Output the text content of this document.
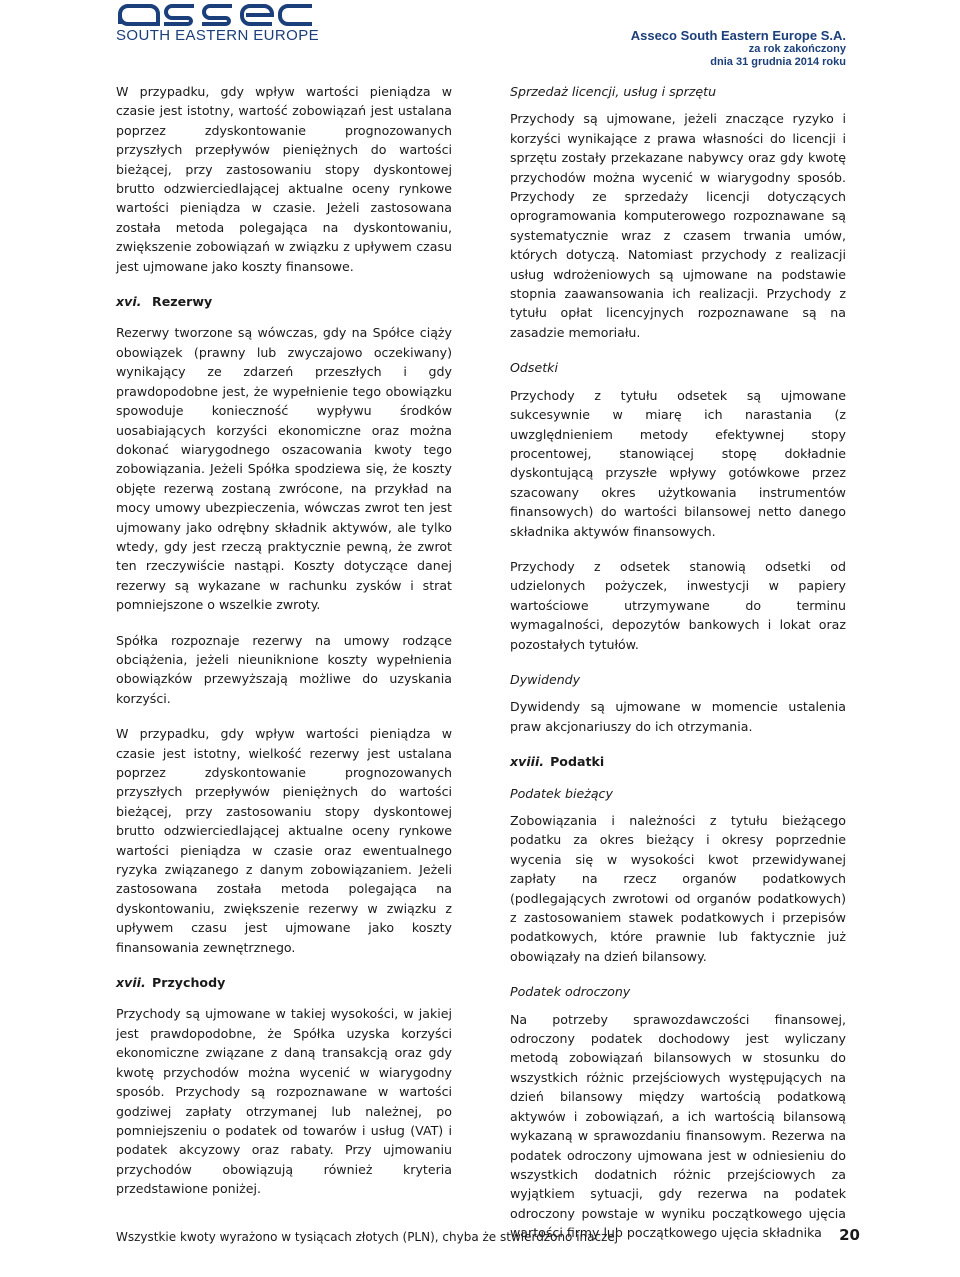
SOUTH EASTERN EUROPE	Asseco South Eastern Europe S.A.
za rok zakończony
dnia 31 grudnia 2014 roku

W przypadku, gdy wpływ wartości pieniądza w czasie jest istotny, wartość zobowiązań jest ustalana poprzez zdyskontowanie prognozowanych przyszłych przepływów pieniężnych do wartości bieżącej, przy zastosowaniu stopy dyskontowej brutto odzwierciedlającej aktualne oceny rynkowe wartości pieniądza w czasie. Jeżeli zastosowana została metoda polegająca na dyskontowaniu, zwiększenie zobowiązań w związku z upływem czasu jest ujmowane jako koszty finansowe.

xvi. Rezerwy

Rezerwy tworzone są wówczas, gdy na Spółce ciąży obowiązek (prawny lub zwyczajowo oczekiwany) wynikający ze zdarzeń przeszłych i gdy prawdopodobne jest, że wypełnienie tego obowiązku spowoduje konieczność wypływu środków uosabiających korzyści ekonomiczne oraz można dokonać wiarygodnego oszacowania kwoty tego zobowiązania. Jeżeli Spółka spodziewa się, że koszty objęte rezerwą zostaną zwrócone, na przykład na mocy umowy ubezpieczenia, wówczas zwrot ten jest ujmowany jako odrębny składnik aktywów, ale tylko wtedy, gdy jest rzeczą praktycznie pewną, że zwrot ten rzeczywiście nastąpi. Koszty dotyczące danej rezerwy są wykazane w rachunku zysków i strat pomniejszone o wszelkie zwroty.

Spółka rozpoznaje rezerwy na umowy rodzące obciążenia, jeżeli nieuniknione koszty wypełnienia obowiązków przewyższają możliwe do uzyskania korzyści.

W przypadku, gdy wpływ wartości pieniądza w czasie jest istotny, wielkość rezerwy jest ustalana poprzez zdyskontowanie prognozowanych przyszłych przepływów pieniężnych do wartości bieżącej, przy zastosowaniu stopy dyskontowej brutto odzwierciedlającej aktualne oceny rynkowe wartości pieniądza w czasie oraz ewentualnego ryzyka związanego z danym zobowiązaniem. Jeżeli zastosowana została metoda polegająca na dyskontowaniu, zwiększenie rezerwy w związku z upływem czasu jest ujmowane jako koszty finansowania zewnętrznego.

xvii. Przychody

Przychody są ujmowane w takiej wysokości, w jakiej jest prawdopodobne, że Spółka uzyska korzyści ekonomiczne związane z daną transakcją oraz gdy kwotę przychodów można wycenić w wiarygodny sposób. Przychody są rozpoznawane w wartości godziwej zapłaty otrzymanej lub należnej, po pomniejszeniu o podatek od towarów i usług (VAT) i podatek akcyzowy oraz rabaty. Przy ujmowaniu przychodów obowiązują również kryteria przedstawione poniżej.

Sprzedaż licencji, usług i sprzętu

Przychody są ujmowane, jeżeli znaczące ryzyko i korzyści wynikające z prawa własności do licencji i sprzętu zostały przekazane nabywcy oraz gdy kwotę przychodów można wycenić w wiarygodny sposób. Przychody ze sprzedaży licencji dotyczących oprogramowania komputerowego rozpoznawane są systematycznie wraz z czasem trwania umów, których dotyczą. Natomiast przychody z realizacji usług wdrożeniowych są ujmowane na podstawie stopnia zaawansowania ich realizacji. Przychody z tytułu opłat licencyjnych rozpoznawane są na zasadzie memoriału.

Odsetki

Przychody z tytułu odsetek są ujmowane sukcesywnie w miarę ich narastania (z uwzględnieniem metody efektywnej stopy procentowej, stanowiącej stopę dokładnie dyskontującą przyszłe wpływy gotówkowe przez szacowany okres użytkowania instrumentów finansowych) do wartości bilansowej netto danego składnika aktywów finansowych.

Przychody z odsetek stanowią odsetki od udzielonych pożyczek, inwestycji w papiery wartościowe utrzymywane do terminu wymagalności, depozytów bankowych i lokat oraz pozostałych tytułów.

Dywidendy

Dywidendy są ujmowane w momencie ustalenia praw akcjonariuszy do ich otrzymania.

xviii. Podatki
Podatek bieżący

Zobowiązania i należności z tytułu bieżącego podatku za okres bieżący i okresy poprzednie wycenia się w wysokości kwot przewidywanej zapłaty na rzecz organów podatkowych (podlegających zwrotowi od organów podatkowych) z zastosowaniem stawek podatkowych i przepisów podatkowych, które prawnie lub faktycznie już obowiązały na dzień bilansowy.

Podatek odroczony

Na potrzeby sprawozdawczości finansowej, odroczony podatek dochodowy jest wyliczany metodą zobowiązań bilansowych w stosunku do wszystkich różnic przejściowych występujących na dzień bilansowy między wartością podatkową aktywów i zobowiązań, a ich wartością bilansową wykazaną w sprawozdaniu finansowym. Rezerwa na podatek odroczony ujmowana jest w odniesieniu do wszystkich dodatnich różnic przejściowych za wyjątkiem sytuacji, gdy rezerwa na podatek odroczony powstaje w wyniku początkowego ujęcia wartości firmy lub początkowego ujęcia składnika

Wszystkie kwoty wyrażono w tysiącach złotych (PLN), chyba że stwierdzono inaczej	20
